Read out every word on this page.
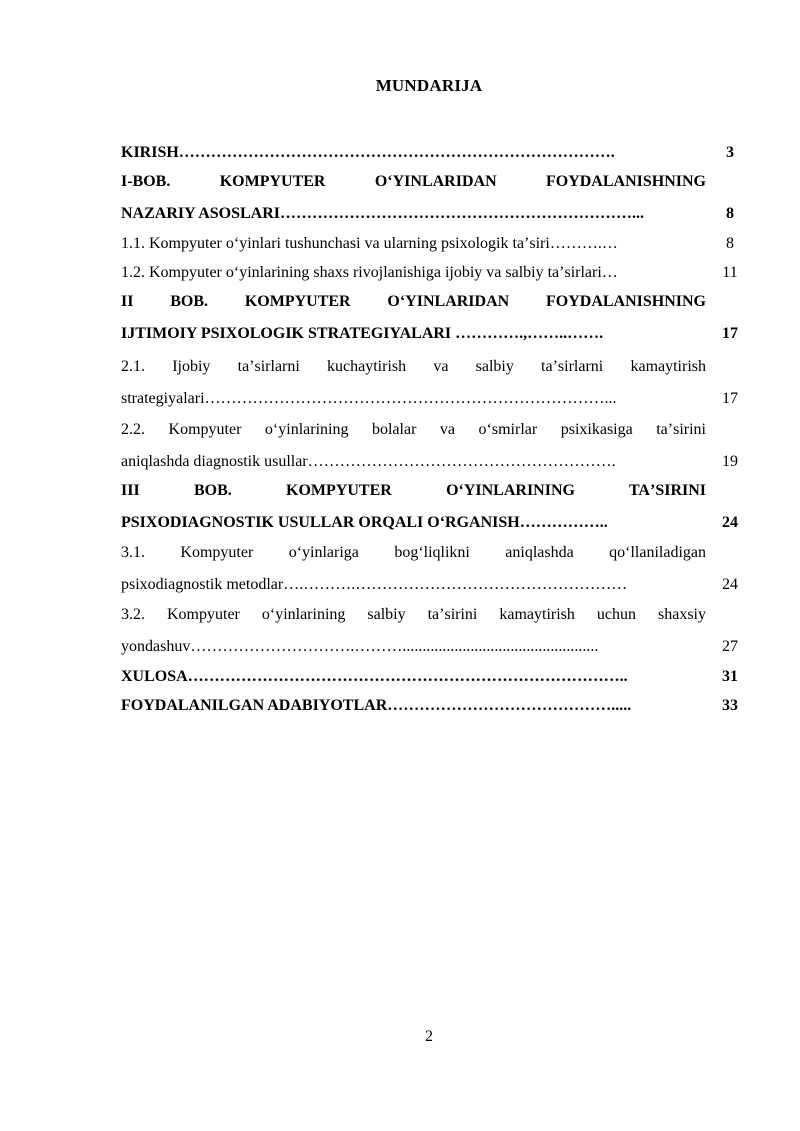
MUNDARIJA
KIRISH……………………………………………………………………….	3
I-BOB. KOMPYUTER O‘YINLARIDAN FOYDALANISHNING
NAZARIY ASOSLARI…………………………………………………………...	8
1.1. Kompyuter oʻyinlari tushunchasi va ularning psixologik taʼsiri……….…	8
1.2. Kompyuter oʻyinlarining shaxs rivojlanishiga ijobiy va salbiy taʼsirlari…	11
II BOB. KOMPYUTER O‘YINLARIDAN FOYDALANISHNING
IJTIMOIY PSIXOLOGIK STRATEGIYALARI ………….,……..…….	17
2.1. Ijobiy taʼsirlarni kuchaytirish va salbiy taʼsirlarni kamaytirish
strategiyalari…………………………………………………………………...	17
2.2. Kompyuter oʻyinlarining bolalar va oʻsmirlar psixikasiga taʼsirini
aniqlashda diagnostik usullar………………………………………………….	19
III BOB. KOMPYUTER O‘YINLARINING TAʼSIRINI
PSIXODIAGNOSTIK USULLAR ORQALI O‘RGANISH……………..	24
3.1. Kompyuter oʻyinlariga bogʻliqlikni aniqlashda qoʻllaniladigan
psixodiagnostik metodlar….……….……………………………………………	24
3.2. Kompyuter oʻyinlarining salbiy taʼsirini kamaytirish uchun shaxsiy
yondashuv………………………….……….................................................	27
XULOSA………………………………………………………………………..	31
FOYDALANILGAN ADABIYOTLAR…………………………………….....	33
2
